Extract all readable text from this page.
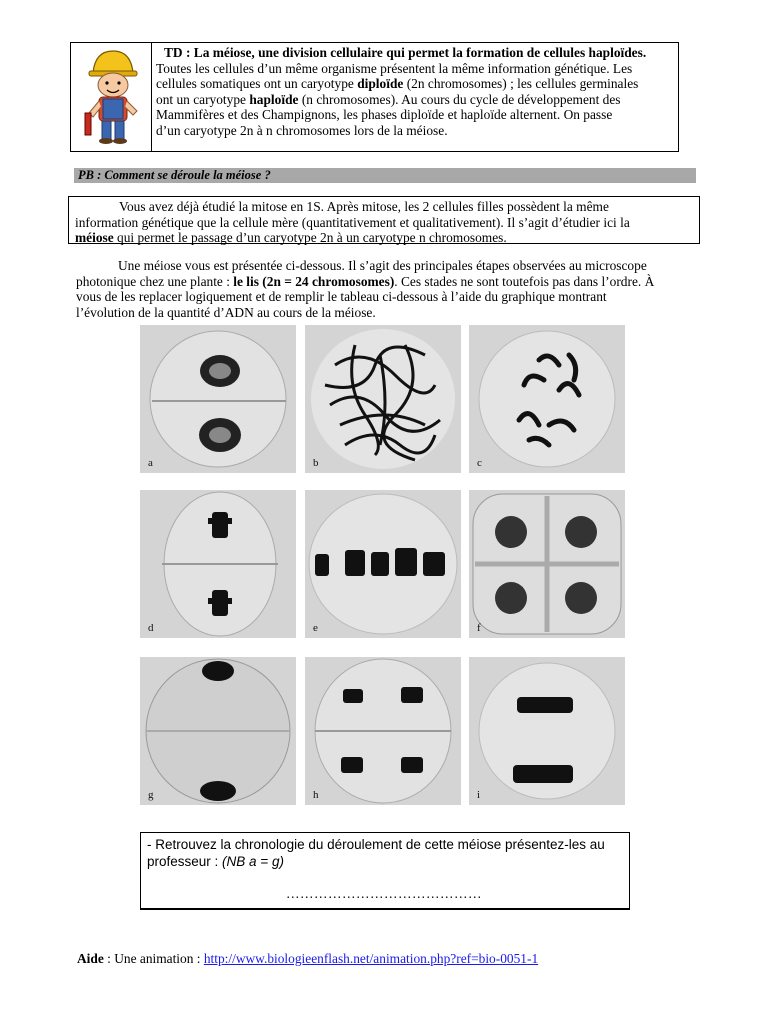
TD : La méiose, une division cellulaire qui permet la formation de cellules haploïdes.
Toutes les cellules d’un même organisme présentent la même information génétique. Les
cellules somatiques ont un caryotype diploïde (2n chromosomes) ; les cellules germinales
ont un caryotype haploïde (n chromosomes). Au cours du cycle de développement des
Mammifères et des Champignons, les phases diploïde et haploïde alternent. On passe
d’un caryotype 2n à n chromosomes lors de la méiose.
PB : Comment se déroule la méiose ?
Vous avez déjà étudié la mitose en 1S. Après mitose, les 2 cellules filles possèdent la même
information génétique que la cellule mère (quantitativement et qualitativement). Il s’agit d’étudier ici la
méiose qui permet le passage d’un caryotype 2n à un caryotype n chromosomes.
Une méiose vous est présentée ci-dessous. Il s’agit des principales étapes observées au microscope
photonique chez une plante : le lis (2n = 24 chromosomes). Ces stades ne sont toutefois pas dans l’ordre. À
vous de les replacer logiquement et de remplir le tableau ci-dessous à l’aide du graphique montrant
l’évolution de la quantité d’ADN au cours de la méiose.
a	b	c
d	e	f
g	h	i
- Retrouvez la chronologie du déroulement de cette méiose présentez-les au
professeur : (NB a = g)
……………………………………
Aide : Une animation : http://www.biologieenflash.net/animation.php?ref=bio-0051-1
